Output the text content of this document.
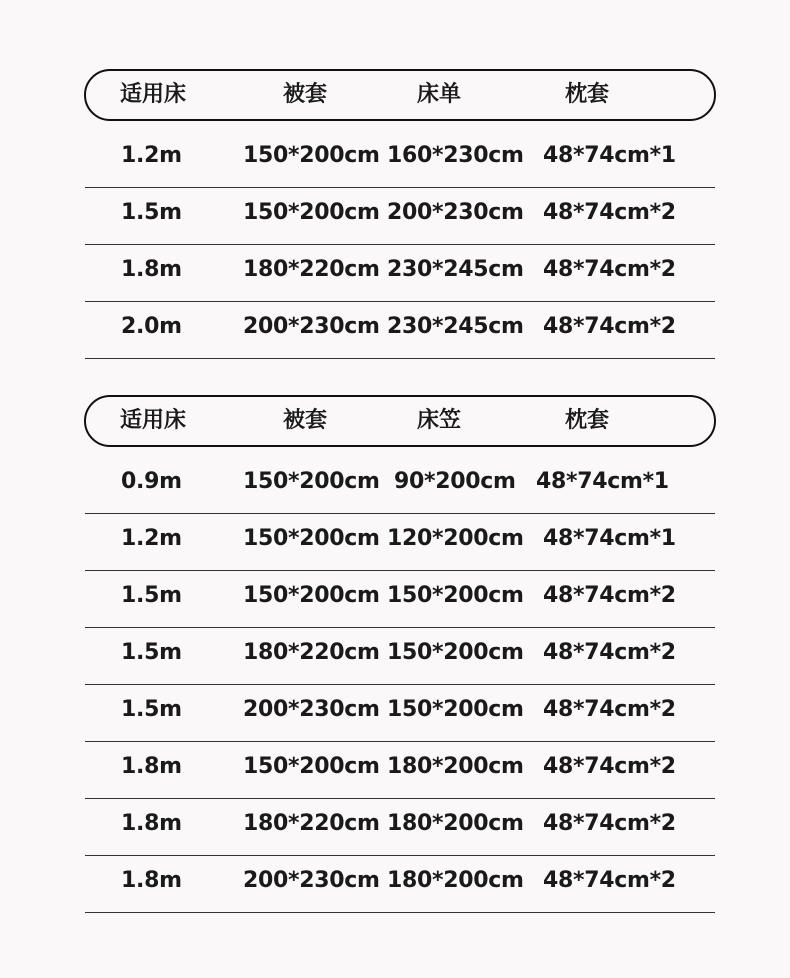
适用床	被套	床单	枕套
1.2m	150*200cm 160*230cm 48*74cm*1
1.5m	150*200cm 200*230cm 48*74cm*2
1.8m	180*220cm 230*245cm 48*74cm*2
2.0m	200*230cm 230*245cm 48*74cm*2
适用床	被套	床笠	枕套
0.9m	150*200cm 90*200cm 48*74cm*1
1.2m	150*200cm 120*200cm 48*74cm*1
1.5m	150*200cm 150*200cm 48*74cm*2
1.5m	180*220cm 150*200cm 48*74cm*2
1.5m	200*230cm 150*200cm 48*74cm*2
1.8m	150*200cm 180*200cm 48*74cm*2
1.8m	180*220cm 180*200cm 48*74cm*2
1.8m	200*230cm 180*200cm 48*74cm*2
